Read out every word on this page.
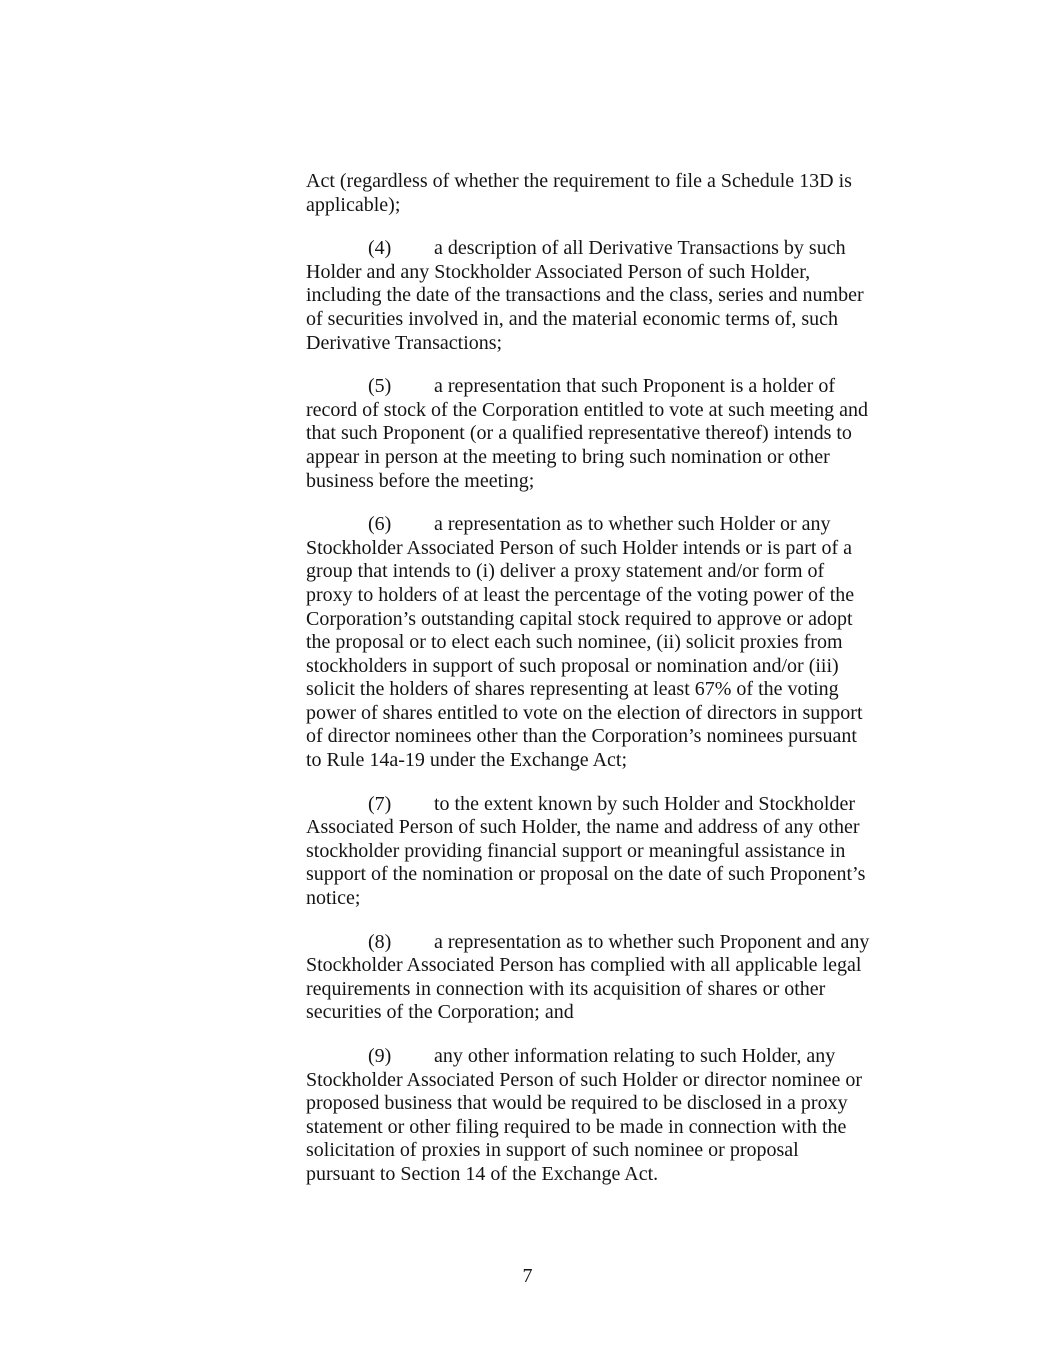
Act (regardless of whether the requirement to file a Schedule 13D is applicable);

(4) a description of all Derivative Transactions by such Holder and any Stockholder Associated Person of such Holder, including the date of the transactions and the class, series and number of securities involved in, and the material economic terms of, such Derivative Transactions;

(5) a representation that such Proponent is a holder of record of stock of the Corporation entitled to vote at such meeting and that such Proponent (or a qualified representative thereof) intends to appear in person at the meeting to bring such nomination or other business before the meeting;

(6) a representation as to whether such Holder or any Stockholder Associated Person of such Holder intends or is part of a group that intends to (i) deliver a proxy statement and/or form of proxy to holders of at least the percentage of the voting power of the Corporation’s outstanding capital stock required to approve or adopt the proposal or to elect each such nominee, (ii) solicit proxies from stockholders in support of such proposal or nomination and/or (iii) solicit the holders of shares representing at least 67% of the voting power of shares entitled to vote on the election of directors in support of director nominees other than the Corporation’s nominees pursuant to Rule 14a-19 under the Exchange Act;

(7) to the extent known by such Holder and Stockholder Associated Person of such Holder, the name and address of any other stockholder providing financial support or meaningful assistance in support of the nomination or proposal on the date of such Proponent’s notice;

(8) a representation as to whether such Proponent and any Stockholder Associated Person has complied with all applicable legal requirements in connection with its acquisition of shares or other securities of the Corporation; and

(9) any other information relating to such Holder, any Stockholder Associated Person of such Holder or director nominee or proposed business that would be required to be disclosed in a proxy statement or other filing required to be made in connection with the solicitation of proxies in support of such nominee or proposal pursuant to Section 14 of the Exchange Act.

7
